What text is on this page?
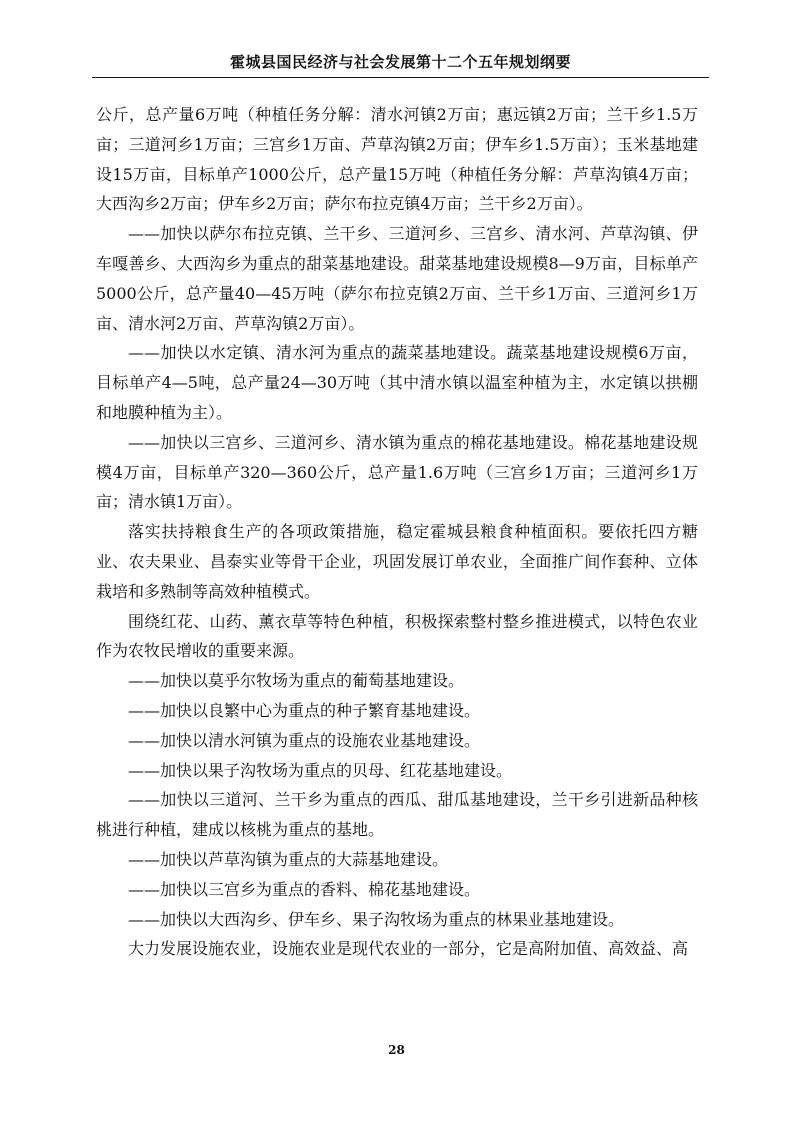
霍城县国民经济与社会发展第十二个五年规划纲要

公斤，总产量6万吨（种植任务分解：清水河镇2万亩；惠远镇2万亩；兰干乡1.5万亩；三道河乡1万亩；三宫乡1万亩、芦草沟镇2万亩；伊车乡1.5万亩）；玉米基地建设15万亩，目标单产1000公斤，总产量15万吨（种植任务分解：芦草沟镇4万亩；大西沟乡2万亩；伊车乡2万亩；萨尔布拉克镇4万亩；兰干乡2万亩）。

——加快以萨尔布拉克镇、兰干乡、三道河乡、三宫乡、清水河、芦草沟镇、伊车嘎善乡、大西沟乡为重点的甜菜基地建设。甜菜基地建设规模8—9万亩，目标单产5000公斤，总产量40—45万吨（萨尔布拉克镇2万亩、兰干乡1万亩、三道河乡1万亩、清水河2万亩、芦草沟镇2万亩）。

——加快以水定镇、清水河为重点的蔬菜基地建设。蔬菜基地建设规模6万亩，目标单产4—5吨，总产量24—30万吨（其中清水镇以温室种植为主，水定镇以拱棚和地膜种植为主）。

——加快以三宫乡、三道河乡、清水镇为重点的棉花基地建设。棉花基地建设规模4万亩，目标单产320—360公斤，总产量1.6万吨（三宫乡1万亩；三道河乡1万亩；清水镇1万亩）。

落实扶持粮食生产的各项政策措施，稳定霍城县粮食种植面积。要依托四方糖业、农夫果业、昌泰实业等骨干企业，巩固发展订单农业，全面推广间作套种、立体栽培和多熟制等高效种植模式。

围绕红花、山药、薰衣草等特色种植，积极探索整村整乡推进模式，以特色农业作为农牧民增收的重要来源。

——加快以莫乎尔牧场为重点的葡萄基地建设。

——加快以良繁中心为重点的种子繁育基地建设。

——加快以清水河镇为重点的设施农业基地建设。

——加快以果子沟牧场为重点的贝母、红花基地建设。

——加快以三道河、兰干乡为重点的西瓜、甜瓜基地建设，兰干乡引进新品种核桃进行种植，建成以核桃为重点的基地。

——加快以芦草沟镇为重点的大蒜基地建设。

——加快以三宫乡为重点的香料、棉花基地建设。

——加快以大西沟乡、伊车乡、果子沟牧场为重点的林果业基地建设。

大力发展设施农业，设施农业是现代农业的一部分，它是高附加值、高效益、高

28
